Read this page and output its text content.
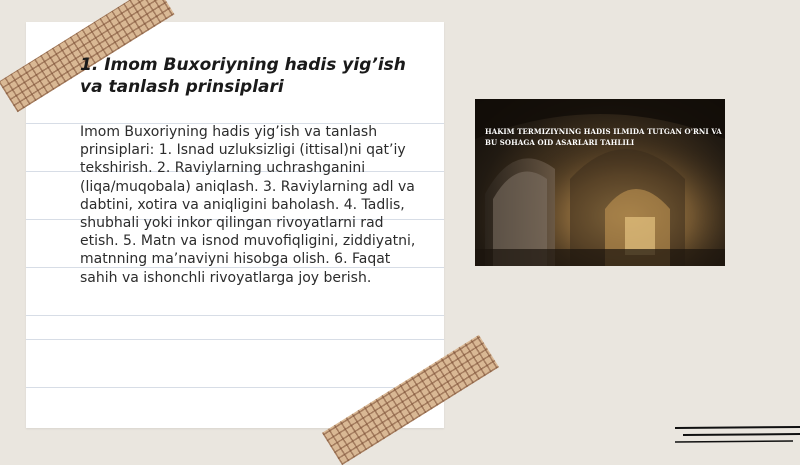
1. Imom Buxoriyning hadis yig’ish va tanlash prinsiplari

Imom Buxoriyning hadis yig’ish va tanlash prinsiplari: 1. Isnad uzluksizligi (ittisal)ni qat’iy tekshirish. 2. Raviylarning uchrashganini (liqa/muqobala) aniqlash. 3. Raviylarning adl va dabtini, xotira va aniqligini baholash. 4. Tadlis, shubhali yoki inkor qilingan rivoyatlarni rad etish. 5. Matn va isnod muvofiqligini, ziddiyatni, matnning ma’naviyni hisobga olish. 6. Faqat sahih va ishonchli rivoyatlarga joy berish.

HAKIM TERMIZIYNING HADIS ILMIDA TUTGAN O'RNI VA BU SOHAGA OID ASARLARI TAHLILI
